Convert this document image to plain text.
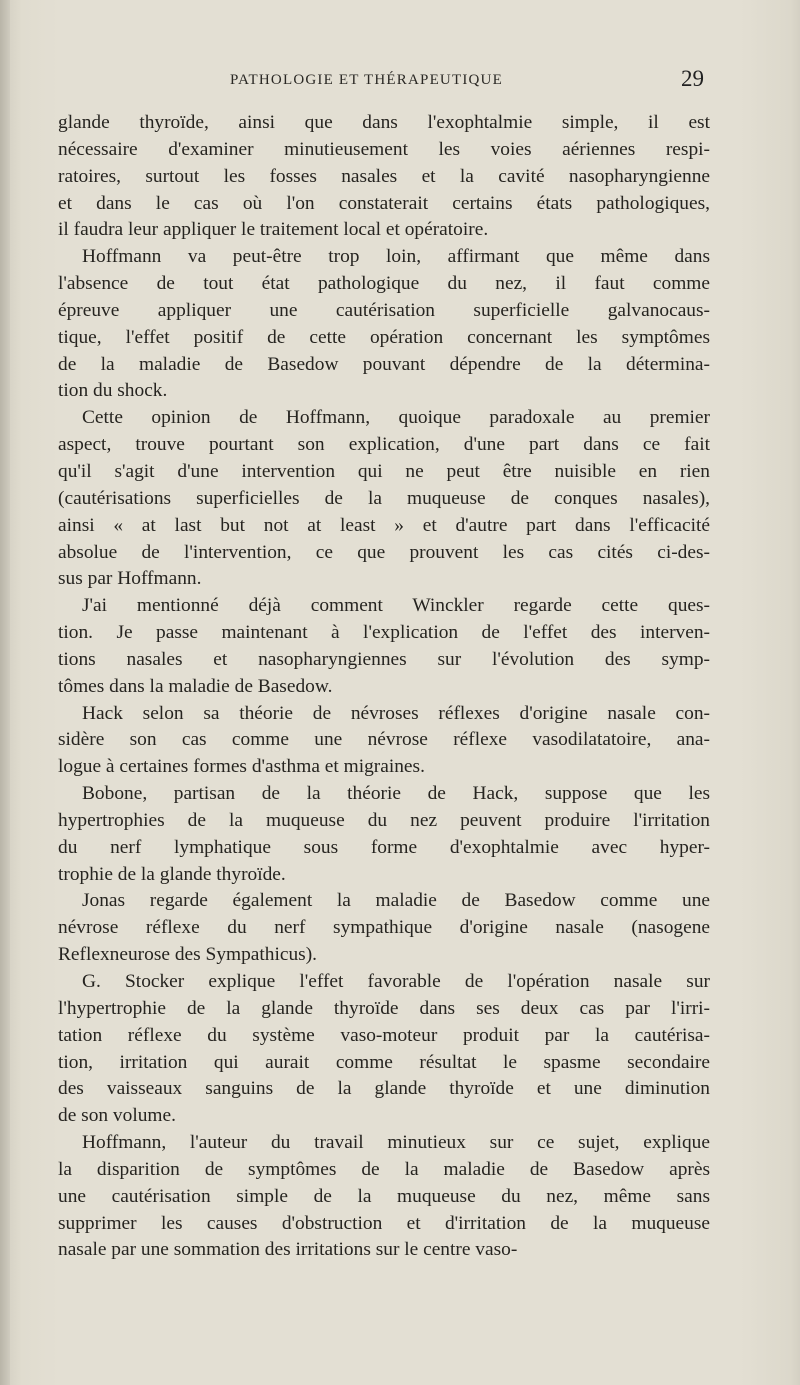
PATHOLOGIE ET THÉRAPEUTIQUE	29
glande thyroïde, ainsi que dans l'exophtalmie simple, il est
nécessaire d'examiner minutieusement les voies aériennes respi-
ratoires, surtout les fosses nasales et la cavité nasopharyngienne
et dans le cas où l'on constaterait certains états pathologiques,
il faudra leur appliquer le traitement local et opératoire.
Hoffmann va peut-être trop loin, affirmant que même dans
l'absence de tout état pathologique du nez, il faut comme
épreuve appliquer une cautérisation superficielle galvanocaus-
tique, l'effet positif de cette opération concernant les symptômes
de la maladie de Basedow pouvant dépendre de la détermina-
tion du shock.
Cette opinion de Hoffmann, quoique paradoxale au premier
aspect, trouve pourtant son explication, d'une part dans ce fait
qu'il s'agit d'une intervention qui ne peut être nuisible en rien
(cautérisations superficielles de la muqueuse de conques nasales),
ainsi « at last but not at least » et d'autre part dans l'efficacité
absolue de l'intervention, ce que prouvent les cas cités ci-des-
sus par Hoffmann.
J'ai mentionné déjà comment Winckler regarde cette ques-
tion. Je passe maintenant à l'explication de l'effet des interven-
tions nasales et nasopharyngiennes sur l'évolution des symp-
tômes dans la maladie de Basedow.
Hack selon sa théorie de névroses réflexes d'origine nasale con-
sidère son cas comme une névrose réflexe vasodilatatoire, ana-
logue à certaines formes d'asthma et migraines.
Bobone, partisan de la théorie de Hack, suppose que les
hypertrophies de la muqueuse du nez peuvent produire l'irritation
du nerf lymphatique sous forme d'exophtalmie avec hyper-
trophie de la glande thyroïde.
Jonas regarde également la maladie de Basedow comme une
névrose réflexe du nerf sympathique d'origine nasale (nasogene
Reflexneurose des Sympathicus).
G. Stocker explique l'effet favorable de l'opération nasale sur
l'hypertrophie de la glande thyroïde dans ses deux cas par l'irri-
tation réflexe du système vaso-moteur produit par la cautérisa-
tion, irritation qui aurait comme résultat le spasme secondaire
des vaisseaux sanguins de la glande thyroïde et une diminution
de son volume.
Hoffmann, l'auteur du travail minutieux sur ce sujet, explique
la disparition de symptômes de la maladie de Basedow après
une cautérisation simple de la muqueuse du nez, même sans
supprimer les causes d'obstruction et d'irritation de la muqueuse
nasale par une sommation des irritations sur le centre vaso-
